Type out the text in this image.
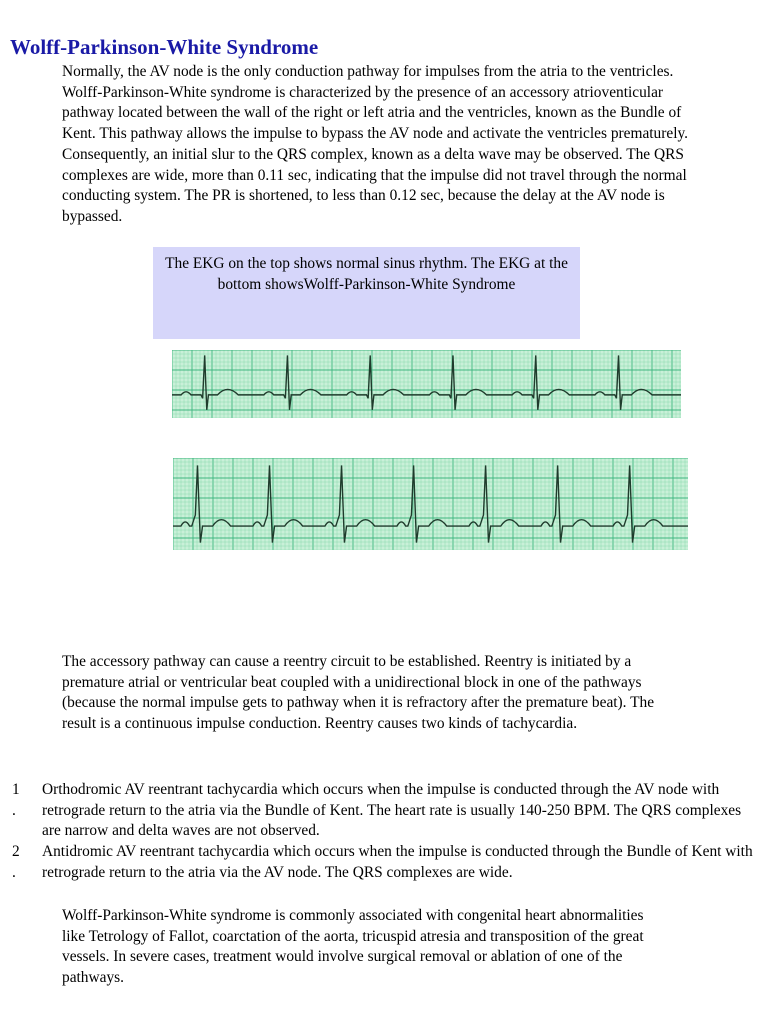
Wolff-Parkinson-White Syndrome
Normally, the AV node is the only conduction pathway for impulses from the atria to the ventricles. Wolff-Parkinson-White syndrome is characterized by the presence of an accessory atrioventicular pathway located between the wall of the right or left atria and the ventricles, known as the Bundle of Kent. This pathway allows the impulse to bypass the AV node and activate the ventricles prematurely. Consequently, an initial slur to the QRS complex, known as a delta wave may be observed. The QRS complexes are wide, more than 0.11 sec, indicating that the impulse did not travel through the normal conducting system. The PR is shortened, to less than 0.12 sec, because the delay at the AV node is bypassed.
The EKG on the top shows normal sinus rhythm. The EKG at the bottom showsWolff-Parkinson-White Syndrome
The accessory pathway can cause a reentry circuit to be established. Reentry is initiated by a premature atrial or ventricular beat coupled with a unidirectional block in one of the pathways (because the normal impulse gets to pathway when it is refractory after the premature beat). The result is a continuous impulse conduction. Reentry causes two kinds of tachycardia.
1
.
Orthodromic AV reentrant tachycardia which occurs when the impulse is conducted through the AV node with retrograde return to the atria via the Bundle of Kent. The heart rate is usually 140-250 BPM. The QRS complexes are narrow and delta waves are not observed.
2
.
Antidromic AV reentrant tachycardia which occurs when the impulse is conducted through the Bundle of Kent with retrograde return to the atria via the AV node. The QRS complexes are wide.
Wolff-Parkinson-White syndrome is commonly associated with congenital heart abnormalities like Tetrology of Fallot, coarctation of the aorta, tricuspid atresia and transposition of the great vessels. In severe cases, treatment would involve surgical removal or ablation of one of the pathways.
